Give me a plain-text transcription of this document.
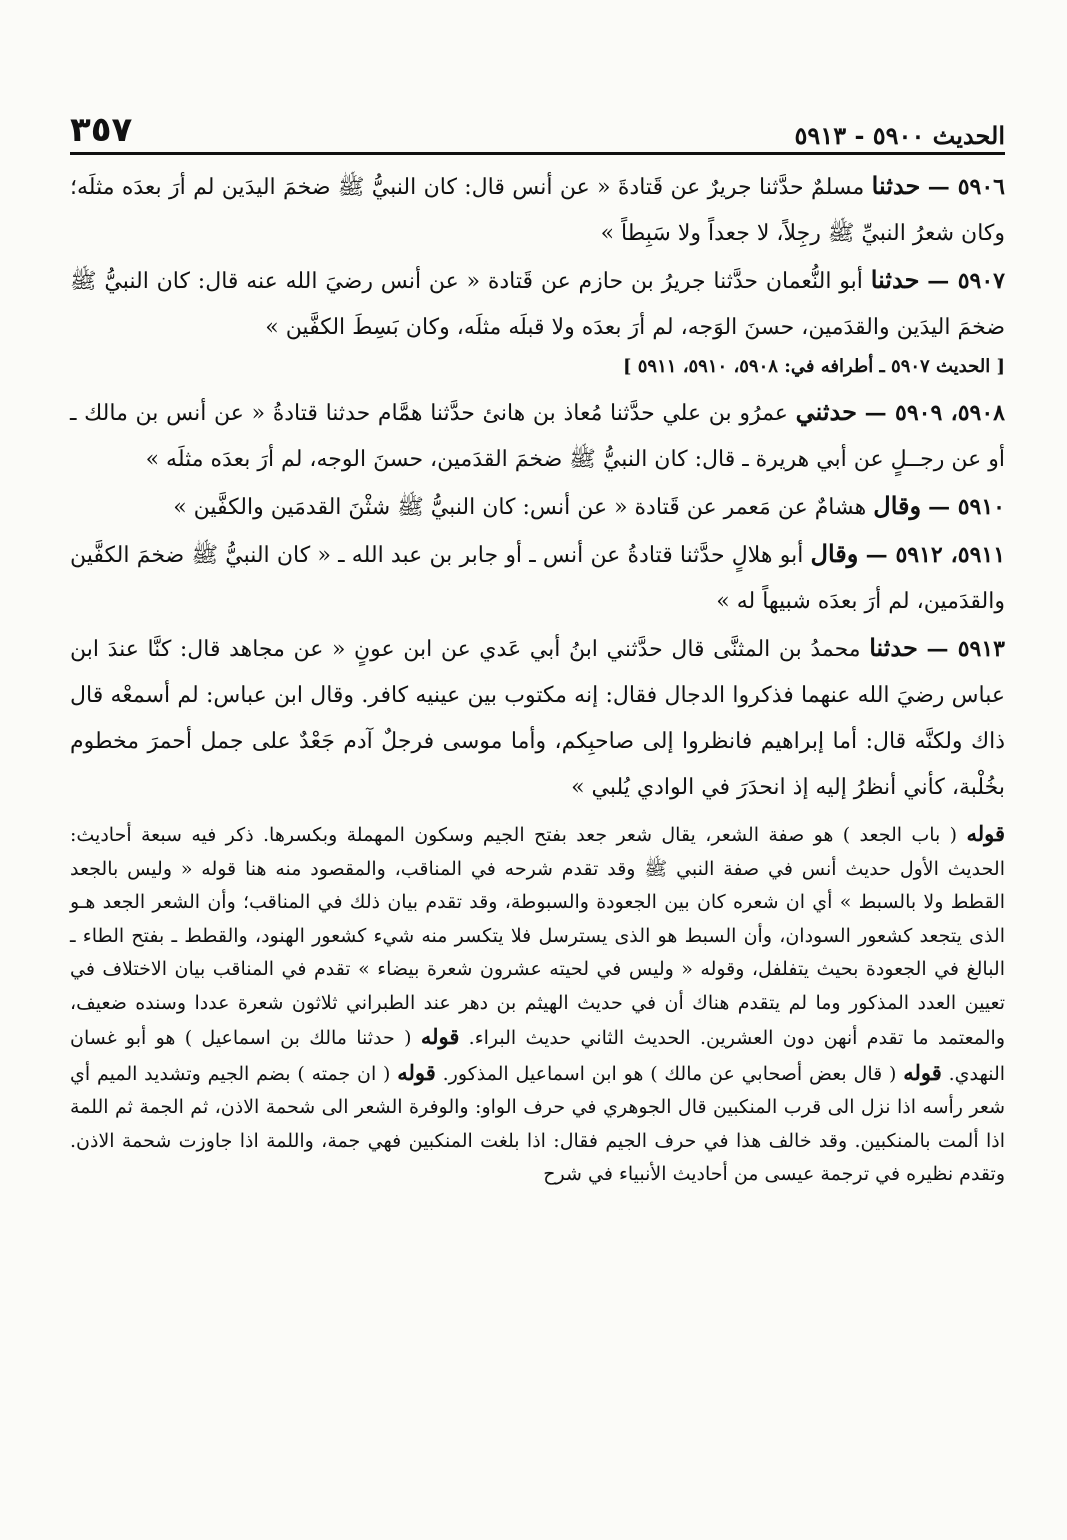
الحديث ٥٩٠٠ - ٥٩١٣
٣٥٧

٥٩٠٦ — حدثنا مسلمٌ حدَّثنا جريرٌ عن قَتادةَ « عن أنس قال: كان النبيُّ ﷺ ضخمَ اليدَين لم أرَ بعدَه مثلَه؛ وكان شعرُ النبيِّ ﷺ رجِلاً، لا جعداً ولا سَبِطاً »

٥٩٠٧ — حدثنا أبو النُّعمان حدَّثنا جريرُ بن حازم عن قَتادة « عن أنس رضيَ الله عنه قال: كان النبيُّ ﷺ ضخمَ اليدَين والقدَمين، حسنَ الوَجه، لم أرَ بعدَه ولا قبلَه مثلَه، وكان بَسِطَ الكفَّين »

[ الحديث ٥٩٠٧ ـ أطرافه في: ٥٩٠٨، ٥٩١٠، ٥٩١١ ]

٥٩٠٨، ٥٩٠٩ — حدثني عمرُو بن علي حدَّثنا مُعاذ بن هانئ حدَّثنا همَّام حدثنا قتادةُ « عن أنس بن مالك ـ أو عن رجــلٍ عن أبي هريرة ـ قال: كان النبيُّ ﷺ ضخمَ القدَمين، حسنَ الوجه، لم أرَ بعدَه مثلَه »

٥٩١٠ — وقال هشامٌ عن مَعمر عن قَتادة « عن أنس: كان النبيُّ ﷺ شثْنَ القدمَين والكفَّين »

٥٩١١، ٥٩١٢ — وقال أبو هلالٍ حدَّثنا قتادةُ عن أنس ـ أو جابر بن عبد الله ـ « كان النبيُّ ﷺ ضخمَ الكفَّين والقدَمين، لم أرَ بعدَه شبيهاً له »

٥٩١٣ — حدثنا محمدُ بن المثنَّى قال حدَّثني ابنُ أبي عَدي عن ابن عونٍ « عن مجاهد قال: كنَّا عندَ ابن عباس رضيَ الله عنهما فذكروا الدجال فقال: إنه مكتوب بين عينيه كافر. وقال ابن عباس: لم أسمعْه قال ذاك ولكنَّه قال: أما إبراهيم فانظروا إلى صاحبِكم، وأما موسى فرجلٌ آدم جَعْدٌ على جمل أحمرَ مخطوم بخُلْبة، كأني أنظرُ إليه إذ انحدَرَ في الوادي يُلبي »

قوله ( باب الجعد ) هو صفة الشعر، يقال شعر جعد بفتح الجيم وسكون المهملة وبكسرها. ذكر فيه سبعة أحاديث: الحديث الأول حديث أنس في صفة النبي ﷺ وقد تقدم شرحه في المناقب، والمقصود منه هنا قوله « وليس بالجعد القطط ولا بالسبط » أي ان شعره كان بين الجعودة والسبوطة، وقد تقدم بيان ذلك في المناقب؛ وأن الشعر الجعد هـو الذى يتجعد كشعور السودان، وأن السبط هو الذى يسترسل فلا يتكسر منه شيء كشعور الهنود، والقطط ـ بفتح الطاء ـ البالغ في الجعودة بحيث يتفلفل، وقوله « وليس في لحيته عشرون شعرة بيضاء » تقدم في المناقب بيان الاختلاف في تعيين العدد المذكور وما لم يتقدم هناك أن في حديث الهيثم بن دهر عند الطبراني ثلاثون شعرة عددا وسنده ضعيف، والمعتمد ما تقدم أنهن دون العشرين. الحديث الثاني حديث البراء. قوله ( حدثنا مالك بن اسماعيل ) هو أبو غسان النهدي. قوله ( قال بعض أصحابي عن مالك ) هو ابن اسماعيل المذكور. قوله ( ان جمته ) بضم الجيم وتشديد الميم أي شعر رأسه اذا نزل الى قرب المنكبين قال الجوهري في حرف الواو: والوفرة الشعر الى شحمة الاذن، ثم الجمة ثم اللمة اذا ألمت بالمنكبين. وقد خالف هذا في حرف الجيم فقال: اذا بلغت المنكبين فهي جمة، واللمة اذا جاوزت شحمة الاذن. وتقدم نظيره في ترجمة عيسى من أحاديث الأنبياء في شرح
